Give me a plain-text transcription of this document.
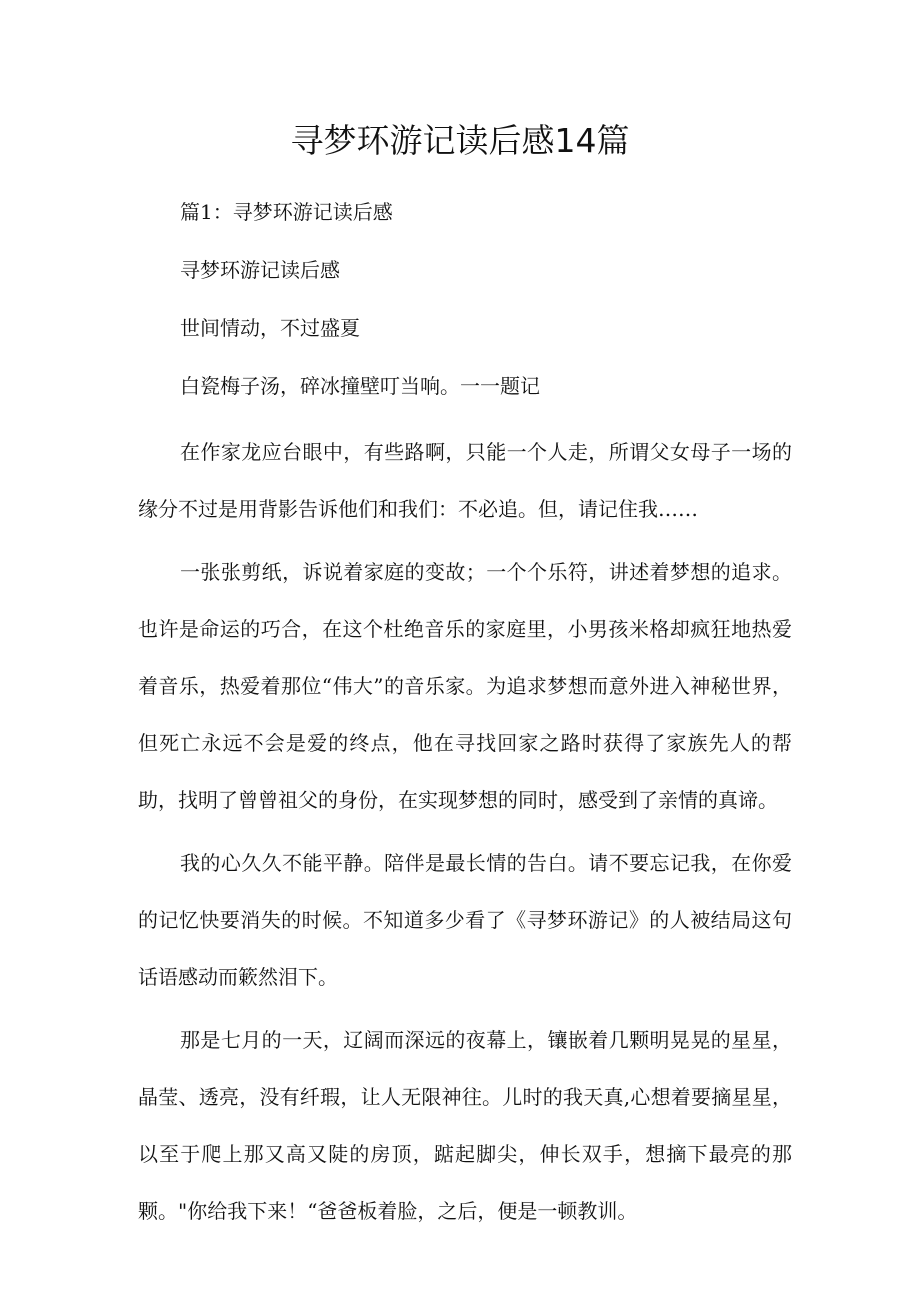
寻梦环游记读后感14篇

篇1：寻梦环游记读后感

寻梦环游记读后感

世间情动，不过盛夏

白瓷梅子汤，碎冰撞壁叮当响。一一题记

在作家龙应台眼中，有些路啊，只能一个人走，所谓父女母子一场的缘分不过是用背影告诉他们和我们：不必追。但，请记住我……

一张张剪纸，诉说着家庭的变故；一个个乐符，讲述着梦想的追求。也许是命运的巧合，在这个杜绝音乐的家庭里，小男孩米格却疯狂地热爱着音乐，热爱着那位“伟大”的音乐家。为追求梦想而意外进入神秘世界，但死亡永远不会是爱的终点，他在寻找回家之路时获得了家族先人的帮助，找明了曾曾祖父的身份，在实现梦想的同时，感受到了亲情的真谛。

我的心久久不能平静。陪伴是最长情的告白。请不要忘记我，在你爱的记忆快要消失的时候。不知道多少看了《寻梦环游记》的人被结局这句话语感动而簌然泪下。

那是七月的一天，辽阔而深远的夜幕上，镶嵌着几颗明晃晃的星星，晶莹、透亮，没有纤瑕，让人无限神往。儿时的我天真,心想着要摘星星，以至于爬上那又高又陡的房顶，踮起脚尖，伸长双手，想摘下最亮的那颗。"你给我下来！“爸爸板着脸，之后，便是一顿教训。
